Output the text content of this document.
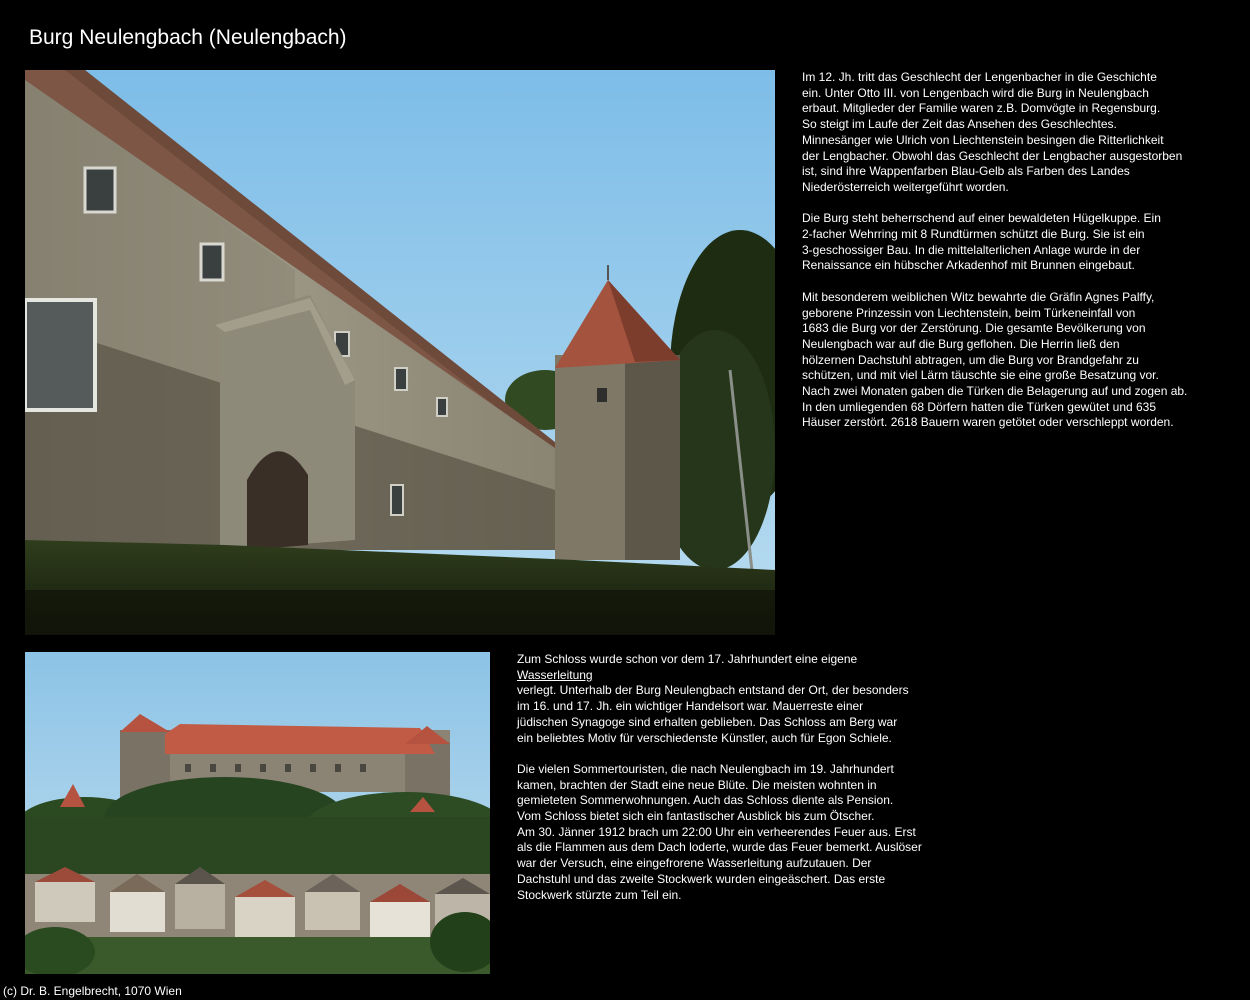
Burg Neulengbach (Neulengbach)

Im 12. Jh. tritt das Geschlecht der Lengenbacher in die Geschichte
ein. Unter Otto III. von Lengenbach wird die Burg in Neulengbach
erbaut. Mitglieder der Familie waren z.B. Domvögte in Regensburg.
So steigt im Laufe der Zeit das Ansehen des Geschlechtes.
Minnesänger wie Ulrich von Liechtenstein besingen die Ritterlichkeit
der Lengbacher. Obwohl das Geschlecht der Lengbacher ausgestorben
ist, sind ihre Wappenfarben Blau-Gelb als Farben des Landes
Niederösterreich weitergeführt worden.

Die Burg steht beherrschend auf einer bewaldeten Hügelkuppe. Ein
2-facher Wehrring mit 8 Rundtürmen schützt die Burg. Sie ist ein
3-geschossiger Bau. In die mittelalterlichen Anlage wurde in der
Renaissance ein hübscher Arkadenhof mit Brunnen eingebaut.

Mit besonderem weiblichen Witz bewahrte die Gräfin Agnes Palffy,
geborene Prinzessin von Liechtenstein, beim Türkeneinfall von
1683 die Burg vor der Zerstörung. Die gesamte Bevölkerung von
Neulengbach war auf die Burg geflohen. Die Herrin ließ den
hölzernen Dachstuhl abtragen, um die Burg vor Brandgefahr zu
schützen, und mit viel Lärm täuschte sie eine große Besatzung vor.
Nach zwei Monaten gaben die Türken die Belagerung auf und zogen ab.
In den umliegenden 68 Dörfern hatten die Türken gewütet und 635
Häuser zerstört. 2618 Bauern waren getötet oder verschleppt worden.

Zum Schloss wurde schon vor dem 17. Jahrhundert eine eigene
Wasserleitung
verlegt. Unterhalb der Burg Neulengbach entstand der Ort, der besonders
im 16. und 17. Jh. ein wichtiger Handelsort war. Mauerreste einer
jüdischen Synagoge sind erhalten geblieben. Das Schloss am Berg war
ein beliebtes Motiv für verschiedenste Künstler, auch für Egon Schiele.

Die vielen Sommertouristen, die nach Neulengbach im 19. Jahrhundert
kamen, brachten der Stadt eine neue Blüte. Die meisten wohnten in
gemieteten Sommerwohnungen. Auch das Schloss diente als Pension.
Vom Schloss bietet sich ein fantastischer Ausblick bis zum Ötscher.
Am 30. Jänner 1912 brach um 22:00 Uhr ein verheerendes Feuer aus. Erst
als die Flammen aus dem Dach loderte, wurde das Feuer bemerkt. Auslöser
war der Versuch, eine eingefrorene Wasserleitung aufzutauen. Der
Dachstuhl und das zweite Stockwerk wurden eingeäschert. Das erste
Stockwerk stürzte zum Teil ein.

(c) Dr. B. Engelbrecht, 1070 Wien
